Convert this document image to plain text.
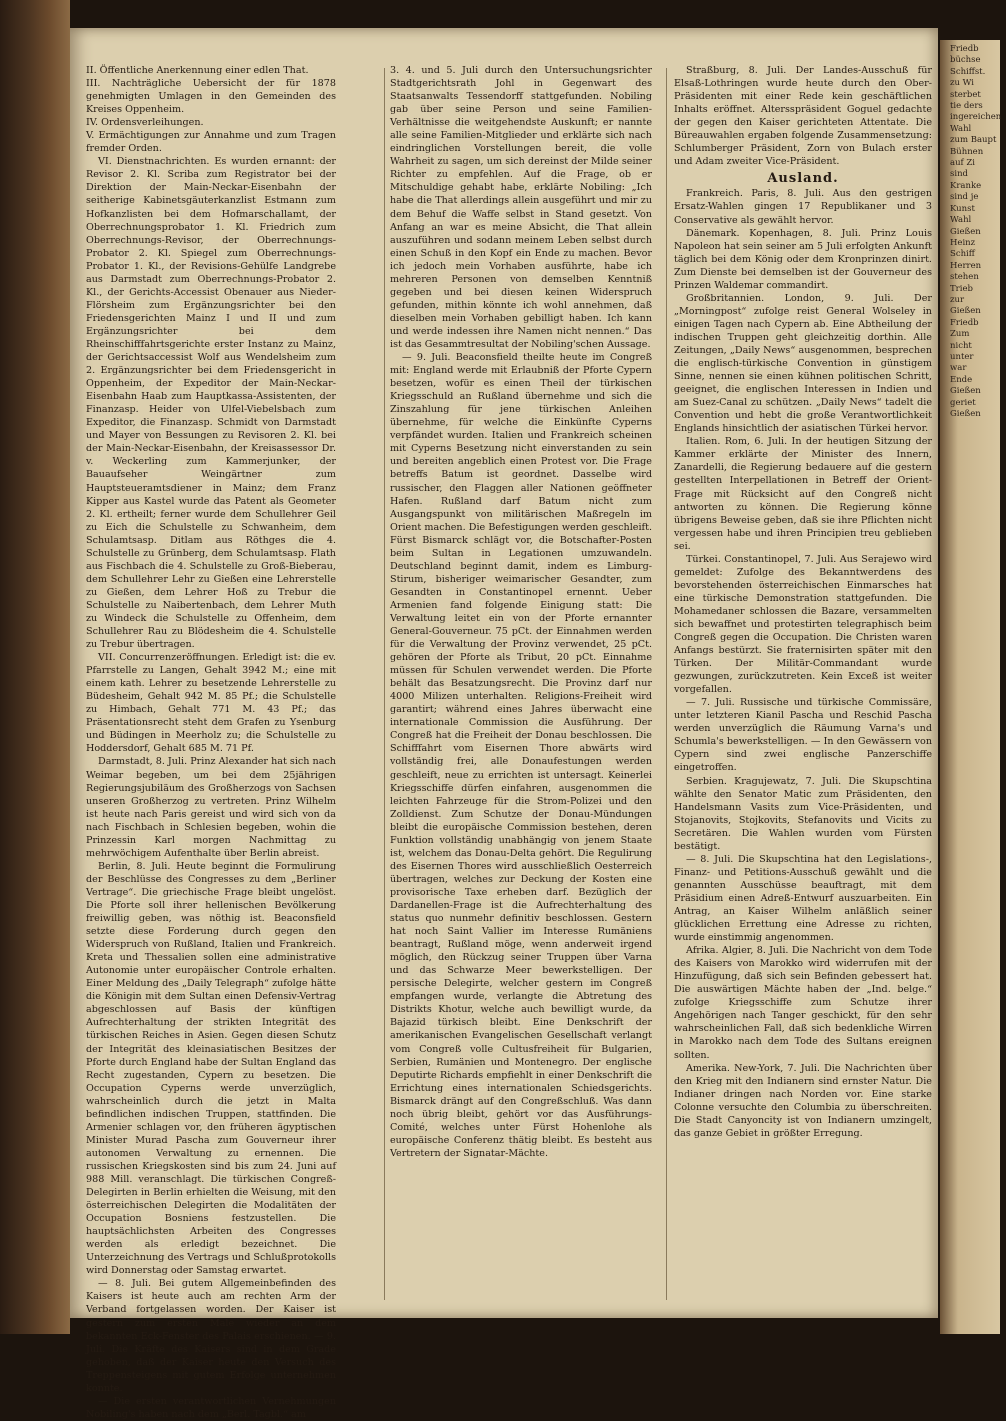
II. Öffentliche Anerkennung einer edlen That.

III. Nachträgliche Uebersicht der für 1878 genehmigten Umlagen in den Gemeinden des Kreises Oppenheim.

IV. Ordensverleihungen.

V. Ermächtigungen zur Annahme und zum Tragen fremder Orden.

VI. Dienstnachrichten. Es wurden ernannt: der Revisor 2. Kl. Scriba zum Registrator bei der Direktion der Main-Neckar-Eisenbahn der seitherige Kabinetsgäuterkanzlist Estmann zum Hofkanzlisten bei dem Hofmarschallamt, der Oberrechnungsprobator 1. Kl. Friedrich zum Oberrechnungs-Revisor, der Oberrechnungs-Probator 2. Kl. Spiegel zum Oberrechnungs-Probator 1. Kl., der Revisions-Gehülfe Landgrebe aus Darmstadt zum Oberrechnungs-Probator 2. Kl., der Gerichts-Accessist Obenauer aus Nieder-Flörsheim zum Ergänzungsrichter bei den Friedensgerichten Mainz I und II und zum Ergänzungsrichter bei dem Rheinschifffahrtsgerichte erster Instanz zu Mainz, der Gerichtsaccessist Wolf aus Wendelsheim zum 2. Ergänzungsrichter bei dem Friedensgericht in Oppenheim, der Expeditor der Main-Neckar-Eisenbahn Haab zum Hauptkassa-Assistenten, der Finanzasp. Heider von Ulfel-Viebelsbach zum Expeditor, die Finanzasp. Schmidt von Darmstadt und Mayer von Bessungen zu Revisoren 2. Kl. bei der Main-Neckar-Eisenbahn, der Kreisassessor Dr. v. Weckerling zum Kammerjunker, der Bauaufseher Weingärtner zum Hauptsteueramtsdiener in Mainz; dem Franz Kipper aus Kastel wurde das Patent als Geometer 2. Kl. ertheilt; ferner wurde dem Schullehrer Geil zu Eich die Schulstelle zu Schwanheim, dem Schulamtsasp. Ditlam aus Röthges die 4. Schulstelle zu Grünberg, dem Schulamtsasp. Flath aus Fischbach die 4. Schulstelle zu Groß-Bieberau, dem Schullehrer Lehr zu Gießen eine Lehrerstelle zu Gießen, dem Lehrer Hoß zu Trebur die Schulstelle zu Naibertenbach, dem Lehrer Muth zu Windeck die Schulstelle zu Offenheim, dem Schullehrer Rau zu Blödesheim die 4. Schulstelle zu Trebur übertragen.

VII. Concurrenzeröffnungen. Erledigt ist: die ev. Pfarrstelle zu Langen, Gehalt 3942 M.; eine mit einem kath. Lehrer zu besetzende Lehrerstelle zu Büdesheim, Gehalt 942 M. 85 Pf.; die Schulstelle zu Himbach, Gehalt 771 M. 43 Pf.; das Präsentationsrecht steht dem Grafen zu Ysenburg und Büdingen in Meerholz zu; die Schulstelle zu Hoddersdorf, Gehalt 685 M. 71 Pf.

Darmstadt, 8. Juli. Prinz Alexander hat sich nach Weimar begeben, um bei dem 25jährigen Regierungsjubiläum des Großherzogs von Sachsen unseren Großherzog zu vertreten. Prinz Wilhelm ist heute nach Paris gereist und wird sich von da nach Fischbach in Schlesien begeben, wohin die Prinzessin Karl morgen Nachmittag zu mehrwöchigem Aufenthalte über Berlin abreist.

Berlin, 8. Juli. Heute beginnt die Formulirung der Beschlüsse des Congresses zu dem „Berliner Vertrage“. Die griechische Frage bleibt ungelöst. Die Pforte soll ihrer hellenischen Bevölkerung freiwillig geben, was nöthig ist. Beaconsfield setzte diese Forderung durch gegen den Widerspruch von Rußland, Italien und Frankreich. Kreta und Thessalien sollen eine administrative Autonomie unter europäischer Controle erhalten. Einer Meldung des „Daily Telegraph“ zufolge hätte die Königin mit dem Sultan einen Defensiv-Vertrag abgeschlossen auf Basis der künftigen Aufrechterhaltung der strikten Integrität des türkischen Reiches in Asien. Gegen diesen Schutz der Integrität des kleinasiatischen Besitzes der Pforte durch England habe der Sultan England das Recht zugestanden, Cypern zu besetzen. Die Occupation Cyperns werde unverzüglich, wahrscheinlich durch die jetzt in Malta befindlichen indischen Truppen, stattfinden. Die Armenier schlagen vor, den früheren ägyptischen Minister Murad Pascha zum Gouverneur ihrer autonomen Verwaltung zu ernennen. Die russischen Kriegskosten sind bis zum 24. Juni auf 988 Mill. veranschlagt. Die türkischen Congreß-Delegirten in Berlin erhielten die Weisung, mit den österreichischen Delegirten die Modalitäten der Occupation Bosniens festzustellen. Die hauptsächlichsten Arbeiten des Congresses werden als erledigt bezeichnet. Die Unterzeichnung des Vertrags und Schlußprotokolls wird Donnerstag oder Samstag erwartet.

— 8. Juli. Bei gutem Allgemeinbefinden des Kaisers ist heute auch am rechten Arm der Verband fortgelassen worden. Der Kaiser ist gestern zum ersten Male wieder an dem bekannten Eck-Fenster des Palais erschienen. — 9. Juli. Die Kräfte des Kaisers sind in dem Grade gehoben, daß der Kaiser heute den Versuch des Treppensteigens mit gutem Erfolge unternehmen konnte.

— Die ersten verantwortlichen Vernehmungen Nobiling's haben nach dem „Berl. Tagbl.“ am

3. 4. und 5. Juli durch den Untersuchungsrichter Stadtgerichtsrath Johl in Gegenwart des Staatsanwalts Tessendorff stattgefunden. Nobiling gab über seine Person und seine Familien-Verhältnisse die weitgehendste Auskunft; er nannte alle seine Familien-Mitglieder und erklärte sich nach eindringlichen Vorstellungen bereit, die volle Wahrheit zu sagen, um sich dereinst der Milde seiner Richter zu empfehlen. Auf die Frage, ob er Mitschuldige gehabt habe, erklärte Nobiling: „Ich habe die That allerdings allein ausgeführt und mir zu dem Behuf die Waffe selbst in Stand gesetzt. Von Anfang an war es meine Absicht, die That allein auszuführen und sodann meinem Leben selbst durch einen Schuß in den Kopf ein Ende zu machen. Bevor ich jedoch mein Vorhaben ausführte, habe ich mehreren Personen von demselben Kenntniß gegeben und bei diesen keinen Widerspruch gefunden, mithin könnte ich wohl annehmen, daß dieselben mein Vorhaben gebilligt haben. Ich kann und werde indessen ihre Namen nicht nennen.“ Das ist das Gesammtresultat der Nobiling'schen Aussage.

— 9. Juli. Beaconsfield theilte heute im Congreß mit: England werde mit Erlaubniß der Pforte Cypern besetzen, wofür es einen Theil der türkischen Kriegsschuld an Rußland übernehme und sich die Zinszahlung für jene türkischen Anleihen übernehme, für welche die Einkünfte Cyperns verpfändet wurden. Italien und Frankreich scheinen mit Cyperns Besetzung nicht einverstanden zu sein und bereiten angeblich einen Protest vor. Die Frage betreffs Batum ist geordnet. Dasselbe wird russischer, den Flaggen aller Nationen geöffneter Hafen. Rußland darf Batum nicht zum Ausgangspunkt von militärischen Maßregeln im Orient machen. Die Befestigungen werden geschleift. Fürst Bismarck schlägt vor, die Botschafter-Posten beim Sultan in Legationen umzuwandeln. Deutschland beginnt damit, indem es Limburg-Stirum, bisheriger weimarischer Gesandter, zum Gesandten in Constantinopel ernennt. Ueber Armenien fand folgende Einigung statt: Die Verwaltung leitet ein von der Pforte ernannter General-Gouverneur. 75 pCt. der Einnahmen werden für die Verwaltung der Provinz verwendet, 25 pCt. gehören der Pforte als Tribut, 20 pCt. Einnahme müssen für Schulen verwendet werden. Die Pforte behält das Besatzungsrecht. Die Provinz darf nur 4000 Milizen unterhalten. Religions-Freiheit wird garantirt; während eines Jahres überwacht eine internationale Commission die Ausführung. Der Congreß hat die Freiheit der Donau beschlossen. Die Schifffahrt vom Eisernen Thore abwärts wird vollständig frei, alle Donaufestungen werden geschleift, neue zu errichten ist untersagt. Keinerlei Kriegsschiffe dürfen einfahren, ausgenommen die leichten Fahrzeuge für die Strom-Polizei und den Zolldienst. Zum Schutze der Donau-Mündungen bleibt die europäische Commission bestehen, deren Funktion vollständig unabhängig von jenem Staate ist, welchem das Donau-Delta gehört. Die Regulirung des Eisernen Thores wird ausschließlich Oesterreich übertragen, welches zur Deckung der Kosten eine provisorische Taxe erheben darf. Bezüglich der Dardanellen-Frage ist die Aufrechterhaltung des status quo nunmehr definitiv beschlossen. Gestern hat noch Saint Vallier im Interesse Rumäniens beantragt, Rußland möge, wenn anderweit irgend möglich, den Rückzug seiner Truppen über Varna und das Schwarze Meer bewerkstelligen. Der persische Delegirte, welcher gestern im Congreß empfangen wurde, verlangte die Abtretung des Distrikts Khotur, welche auch bewilligt wurde, da Bajazid türkisch bleibt. Eine Denkschrift der amerikanischen Evangelischen Gesellschaft verlangt vom Congreß volle Cultusfreiheit für Bulgarien, Serbien, Rumänien und Montenegro. Der englische Deputirte Richards empfiehlt in einer Denkschrift die Errichtung eines internationalen Schiedsgerichts. Bismarck drängt auf den Congreßschluß. Was dann noch übrig bleibt, gehört vor das Ausführungs-Comité, welches unter Fürst Hohenlohe als europäische Conferenz thätig bleibt. Es besteht aus Vertretern der Signatar-Mächte.

Straßburg, 8. Juli. Der Landes-Ausschuß für Elsaß-Lothringen wurde heute durch den Ober-Präsidenten mit einer Rede kein geschäftlichen Inhalts eröffnet. Altersspräsident Goguel gedachte der gegen den Kaiser gerichteten Attentate. Die Büreauwahlen ergaben folgende Zusammensetzung: Schlumberger Präsident, Zorn von Bulach erster und Adam zweiter Vice-Präsident.

Ausland.

Frankreich. Paris, 8. Juli. Aus den gestrigen Ersatz-Wahlen gingen 17 Republikaner und 3 Conservative als gewählt hervor.

Dänemark. Kopenhagen, 8. Juli. Prinz Louis Napoleon hat sein seiner am 5 Juli erfolgten Ankunft täglich bei dem König oder dem Kronprinzen dinirt. Zum Dienste bei demselben ist der Gouverneur des Prinzen Waldemar commandirt.

Großbritannien. London, 9. Juli. Der „Morningpost“ zufolge reist General Wolseley in einigen Tagen nach Cypern ab. Eine Abtheilung der indischen Truppen geht gleichzeitig dorthin. Alle Zeitungen, „Daily News“ ausgenommen, besprechen die englisch-türkische Convention in günstigem Sinne, nennen sie einen kühnen politischen Schritt, geeignet, die englischen Interessen in Indien und am Suez-Canal zu schützen. „Daily News“ tadelt die Convention und hebt die große Verantwortlichkeit Englands hinsichtlich der asiatischen Türkei hervor.

Italien. Rom, 6. Juli. In der heutigen Sitzung der Kammer erklärte der Minister des Innern, Zanardelli, die Regierung bedauere auf die gestern gestellten Interpellationen in Betreff der Orient-Frage mit Rücksicht auf den Congreß nicht antworten zu können. Die Regierung könne übrigens Beweise geben, daß sie ihre Pflichten nicht vergessen habe und ihren Principien treu geblieben sei.

Türkei. Constantinopel, 7. Juli. Aus Serajewo wird gemeldet: Zufolge des Bekanntwerdens des bevorstehenden österreichischen Einmarsches hat eine türkische Demonstration stattgefunden. Die Mohamedaner schlossen die Bazare, versammelten sich bewaffnet und protestirten telegraphisch beim Congreß gegen die Occupation. Die Christen waren Anfangs bestürzt. Sie fraternisirten später mit den Türken. Der Militär-Commandant wurde gezwungen, zurückzutreten. Kein Exceß ist weiter vorgefallen.

— 7. Juli. Russische und türkische Commissäre, unter letzteren Kianil Pascha und Reschid Pascha werden unverzüglich die Räumung Varna's und Schumla's bewerkstelligen. — In den Gewässern von Cypern sind zwei englische Panzerschiffe eingetroffen.

Serbien. Kragujewatz, 7. Juli. Die Skupschtina wählte den Senator Matic zum Präsidenten, den Handelsmann Vasits zum Vice-Präsidenten, und Stojanovits, Stojkovits, Stefanovits und Vicits zu Secretären. Die Wahlen wurden vom Fürsten bestätigt.

— 8. Juli. Die Skupschtina hat den Legislations-, Finanz- und Petitions-Ausschuß gewählt und die genannten Ausschüsse beauftragt, mit dem Präsidium einen Adreß-Entwurf auszuarbeiten. Ein Antrag, an Kaiser Wilhelm anläßlich seiner glücklichen Errettung eine Adresse zu richten, wurde einstimmig angenommen.

Afrika. Algier, 8. Juli. Die Nachricht von dem Tode des Kaisers von Marokko wird widerrufen mit der Hinzufügung, daß sich sein Befinden gebessert hat. Die auswärtigen Mächte haben der „Ind. belge.“ zufolge Kriegsschiffe zum Schutze ihrer Angehörigen nach Tanger geschickt, für den sehr wahrscheinlichen Fall, daß sich bedenkliche Wirren in Marokko nach dem Tode des Sultans ereignen sollten.

Amerika. New-York, 7. Juli. Die Nachrichten über den Krieg mit den Indianern sind ernster Natur. Die Indianer dringen nach Norden vor. Eine starke Colonne versuchte den Columbia zu überschreiten. Die Stadt Canyoncity ist von Indianern umzingelt, das ganze Gebiet in größter Erregung.

Friedb
büchse
Schiffst.
zu Wi
sterbet
tie ders
ingereichen
Wahl
zum Baupt
Bühnen
auf Zi
sind
Kranke
sind je
Kunst
Wahl
Gießen
Heinz
Schiff
Herren
stehen
Trieb
zur
Gießen
Friedb
Zum
nicht
unter
war
Ende
Gießen
geriet
Gießen
